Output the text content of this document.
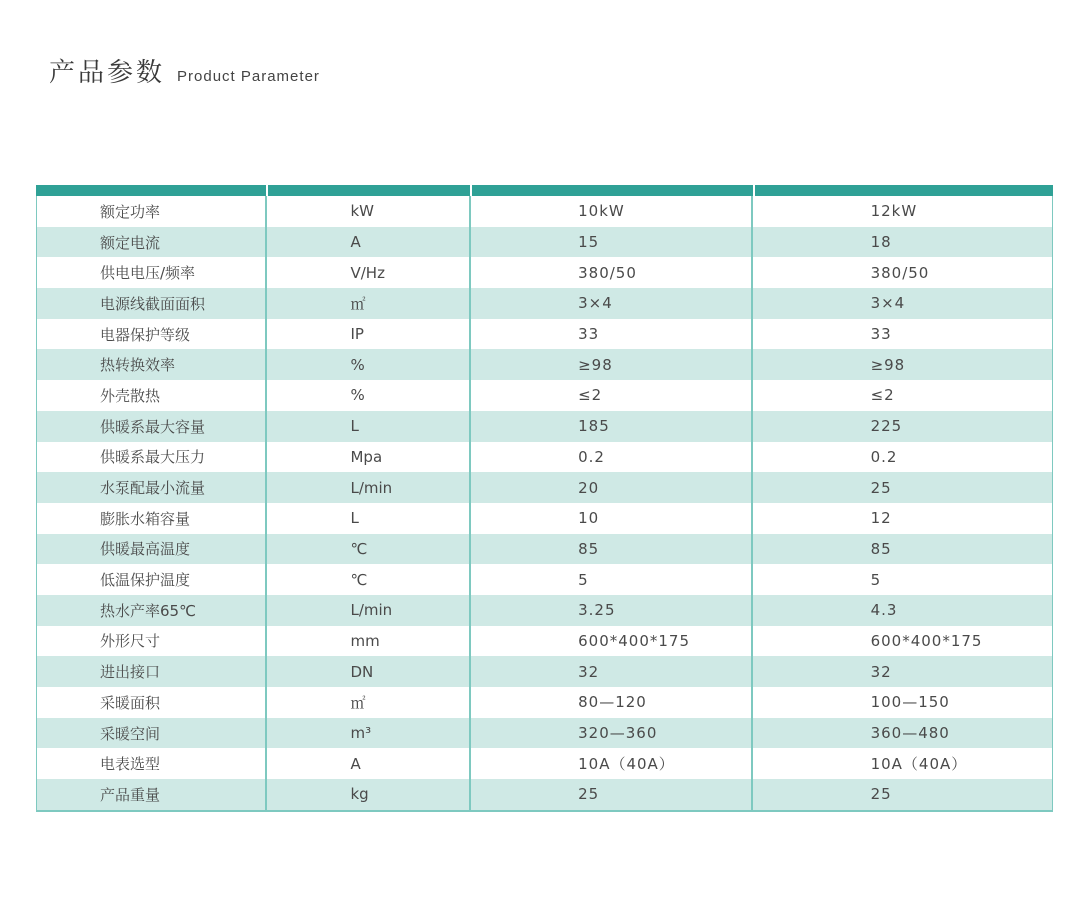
产品参数 Product Parameter
额定功率	kW	10kW	12kW
额定电流	A	15	18
供电电压/频率	V/Hz	380/50	380/50
电源线截面面积	㎡	3×4	3×4
电器保护等级	IP	33	33
热转换效率	%	≥98	≥98
外壳散热	%	≤2	≤2
供暖系最大容量	L	185	225
供暖系最大压力	Mpa	0.2	0.2
水泵配最小流量	L/min	20	25
膨胀水箱容量	L	10	12
供暖最高温度	℃	85	85
低温保护温度	℃	5	5
热水产率65℃	L/min	3.25	4.3
外形尺寸	mm	600*400*175	600*400*175
进出接口	DN	32	32
采暖面积	㎡	80—120	100—150
采暖空间	m³	320—360	360—480
电表选型	A	10A（40A）	10A（40A）
产品重量	kg	25	25
